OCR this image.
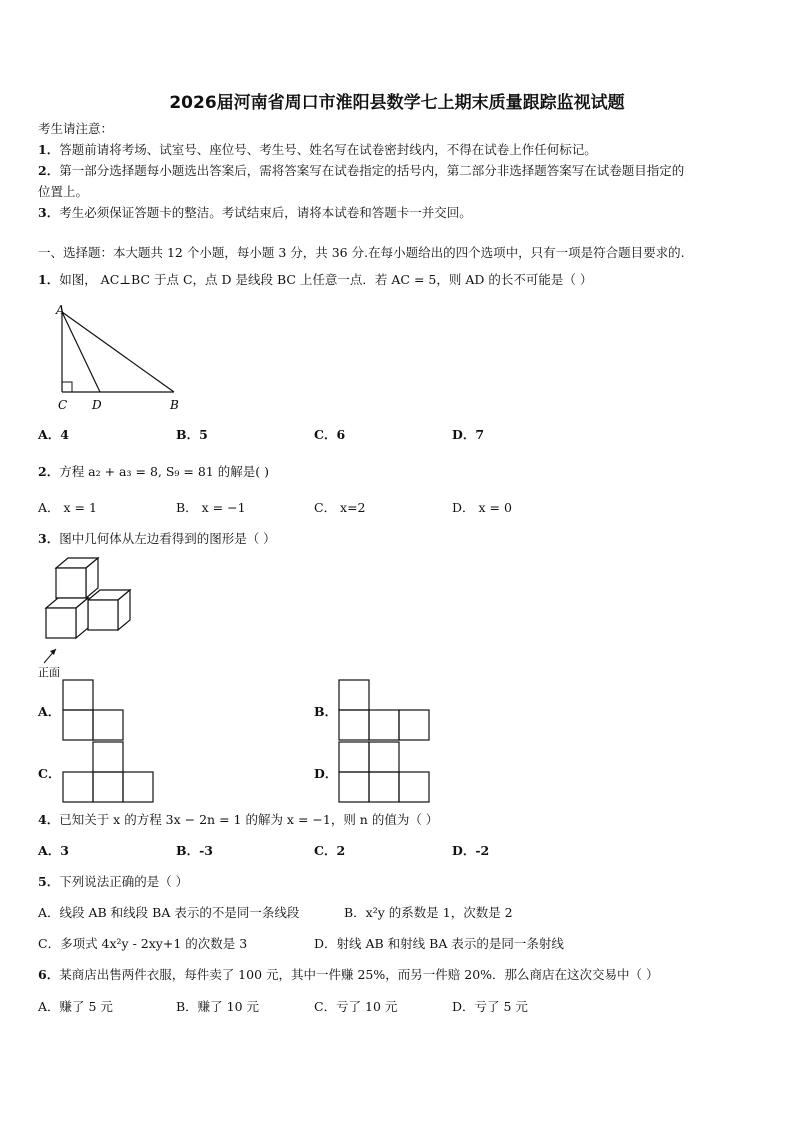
2026届河南省周口市淮阳县数学七上期末质量跟踪监视试题
考生请注意：
1．答题前请将考场、试室号、座位号、考生号、姓名写在试卷密封线内，不得在试卷上作任何标记。
2．第一部分选择题每小题选出答案后，需将答案写在试卷指定的括号内，第二部分非选择题答案写在试卷题目指定的
位置上。
3．考生必须保证答题卡的整洁。考试结束后，请将本试卷和答题卡一并交回。
一、选择题：本大题共 12 个小题，每小题 3 分，共 36 分.在每小题给出的四个选项中，只有一项是符合题目要求的.
1．如图， AC⊥BC 于点 C，点 D 是线段 BC 上任意一点．若 AC = 5，则 AD 的长不可能是（ ）
A
C D	B
A．4	B．5	C．6	D．7
2．方程 a₂ + a₃ = 8, S₉ = 81 的解是( )
A． x = 1	B． x = −1	C． x=2	D． x = 0
3．图中几何体从左边看得到的图形是（ ）
正面
A．	B．
C．	D．
4．已知关于 x 的方程 3x − 2n = 1 的解为 x = −1，则 n 的值为（ ）
A．3	B．-3	C．2	D．-2
5．下列说法正确的是（ ）
A．线段 AB 和线段 BA 表示的不是同一条线段	B．x²y 的系数是 1，次数是 2
C．多项式 4x²y - 2xy+1 的次数是 3	D．射线 AB 和射线 BA 表示的是同一条射线
6．某商店出售两件衣服，每件卖了 100 元，其中一件赚 25%，而另一件赔 20%．那么商店在这次交易中（ ）
A．赚了 5 元	B．赚了 10 元	C．亏了 10 元	D．亏了 5 元
